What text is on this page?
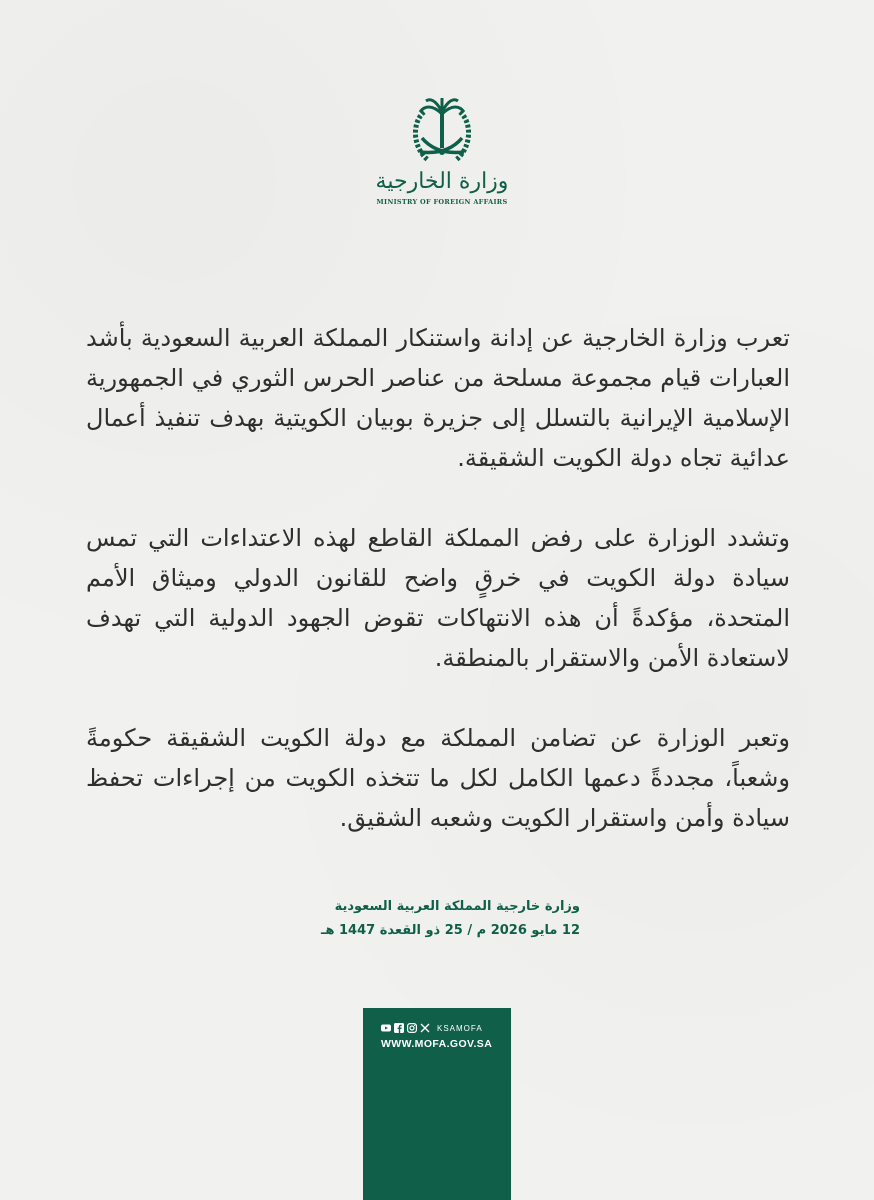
وزارة الخارجية
MINISTRY OF FOREIGN AFFAIRS

تعرب وزارة الخارجية عن إدانة واستنكار المملكة العربية السعودية بأشد العبارات قيام مجموعة مسلحة من عناصر الحرس الثوري في الجمهورية الإسلامية الإيرانية بالتسلل إلى جزيرة بوبيان الكويتية بهدف تنفيذ أعمال عدائية تجاه دولة الكويت الشقيقة.

وتشدد الوزارة على رفض المملكة القاطع لهذه الاعتداءات التي تمس سيادة دولة الكويت في خرقٍ واضح للقانون الدولي وميثاق الأمم المتحدة، مؤكدةً أن هذه الانتهاكات تقوض الجهود الدولية التي تهدف لاستعادة الأمن والاستقرار بالمنطقة.

وتعبر الوزارة عن تضامن المملكة مع دولة الكويت الشقيقة حكومةً وشعباً، مجددةً دعمها الكامل لكل ما تتخذه الكويت من إجراءات تحفظ سيادة وأمن واستقرار الكويت وشعبه الشقيق.

وزارة خارجية المملكة العربية السعودية
12 مايو 2026 م / 25 ذو القعدة 1447 هـ
KSAMOFA
WWW.MOFA.GOV.SA
